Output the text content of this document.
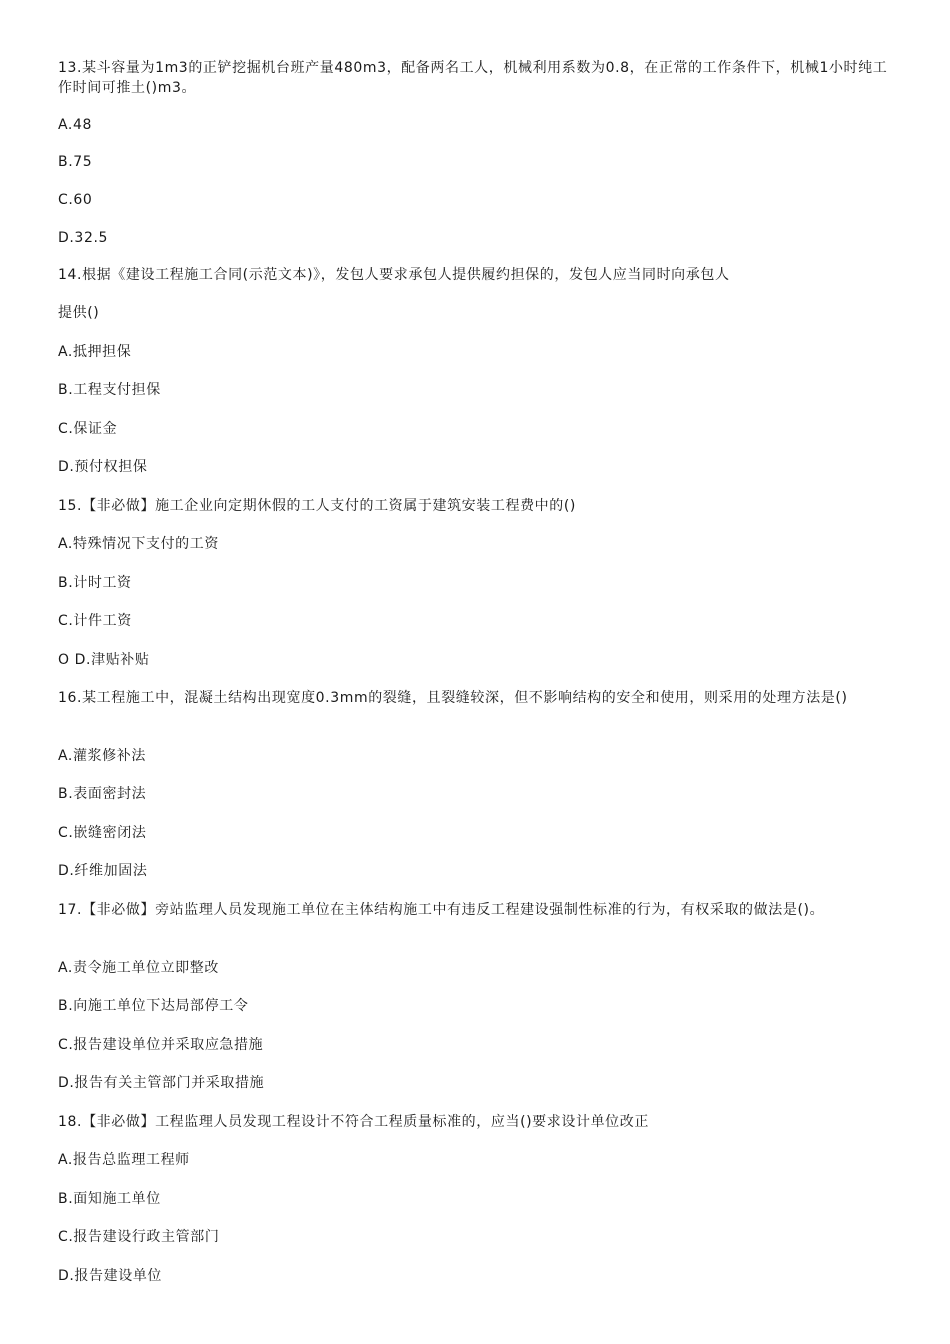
13.某斗容量为1m3的正铲挖掘机台班产量480m3，配备两名工人，机械利用系数为0.8，在正常的工作条件下，机械1小时纯工作时间可推土()m3。
A.48
B.75
C.60
D.32.5
14.根据《建设工程施工合同(示范文本)》，发包人要求承包人提供履约担保的，发包人应当同时向承包人
提供()
A.抵押担保
B.工程支付担保
C.保证金
D.预付权担保
15.【非必做】施工企业向定期休假的工人支付的工资属于建筑安装工程费中的()
A.特殊情况下支付的工资
B.计时工资
C.计件工资
O D.津贴补贴
16.某工程施工中，混凝土结构出现宽度0.3mm的裂缝，且裂缝较深，但不影响结构的安全和使用，则采用的处理方法是()
A.灌浆修补法
B.表面密封法
C.嵌缝密闭法
D.纤维加固法
17.【非必做】旁站监理人员发现施工单位在主体结构施工中有违反工程建设强制性标准的行为，有权采取的做法是()。
A.责令施工单位立即整改
B.向施工单位下达局部停工令
C.报告建设单位并采取应急措施
D.报告有关主管部门并采取措施
18.【非必做】工程监理人员发现工程设计不符合工程质量标准的，应当()要求设计单位改正
A.报告总监理工程师
B.面知施工单位
C.报告建设行政主管部门
D.报告建设单位
